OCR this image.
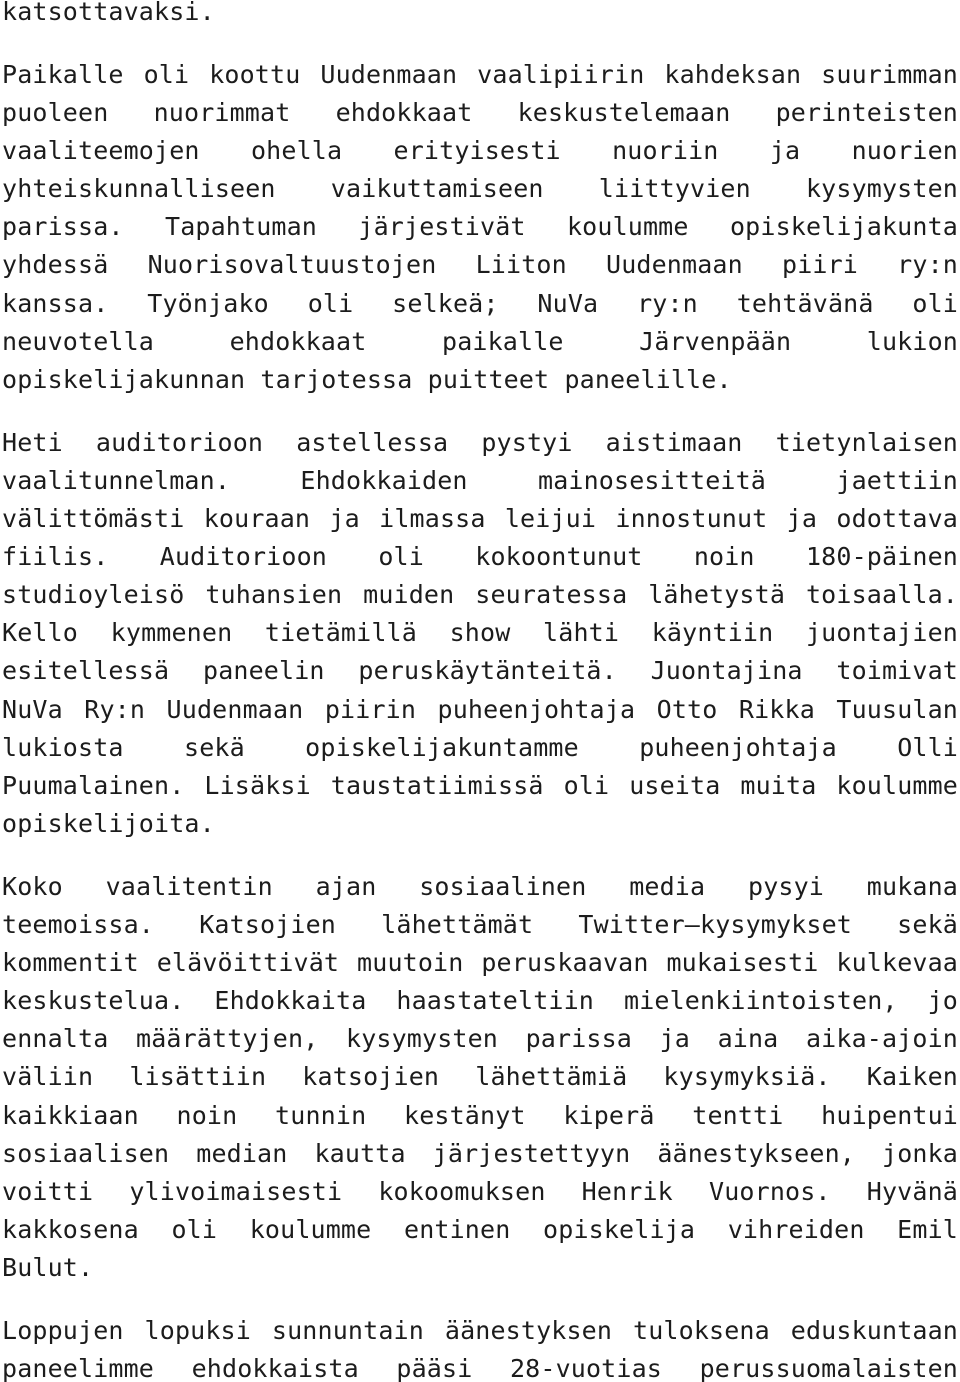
katsottavaksi.
Paikalle oli koottu Uudenmaan vaalipiirin kahdeksan suurimman
puoleen nuorimmat ehdokkaat keskustelemaan perinteisten
vaaliteemojen ohella erityisesti nuoriin ja nuorien
yhteiskunnalliseen vaikuttamiseen liittyvien kysymysten
parissa. Tapahtuman järjestivät koulumme opiskelijakunta
yhdessä Nuorisovaltuustojen Liiton Uudenmaan piiri ry:n
kanssa. Työnjako oli selkeä; NuVa ry:n tehtävänä oli
neuvotella ehdokkaat paikalle Järvenpään lukion
opiskelijakunnan tarjotessa puitteet paneelille.
Heti auditorioon astellessa pystyi aistimaan tietynlaisen
vaalitunnelman. Ehdokkaiden mainosesitteitä jaettiin
välittömästi kouraan ja ilmassa leijui innostunut ja odottava
fiilis. Auditorioon oli kokoontunut noin 180-päinen
studioyleisö tuhansien muiden seuratessa lähetystä toisaalla.
Kello kymmenen tietämillä show lähti käyntiin juontajien
esitellessä paneelin peruskäytänteitä. Juontajina toimivat
NuVa Ry:n Uudenmaan piirin puheenjohtaja Otto Rikka Tuusulan
lukiosta sekä opiskelijakuntamme puheenjohtaja Olli
Puumalainen. Lisäksi taustatiimissä oli useita muita koulumme
opiskelijoita.
Koko vaalitentin ajan sosiaalinen media pysyi mukana
teemoissa. Katsojien lähettämät Twitter–kysymykset sekä
kommentit elävöittivät muutoin peruskaavan mukaisesti kulkevaa
keskustelua. Ehdokkaita haastateltiin mielenkiintoisten, jo
ennalta määrättyjen, kysymysten parissa ja aina aika-ajoin
väliin lisättiin katsojien lähettämiä kysymyksiä. Kaiken
kaikkiaan noin tunnin kestänyt kiperä tentti huipentui
sosiaalisen median kautta järjestettyyn äänestykseen, jonka
voitti ylivoimaisesti kokoomuksen Henrik Vuornos. Hyvänä
kakkosena oli koulumme entinen opiskelija vihreiden Emil
Bulut.
Loppujen lopuksi sunnuntain äänestyksen tuloksena eduskuntaan
paneelimme ehdokkaista pääsi 28-vuotias perussuomalaisten
